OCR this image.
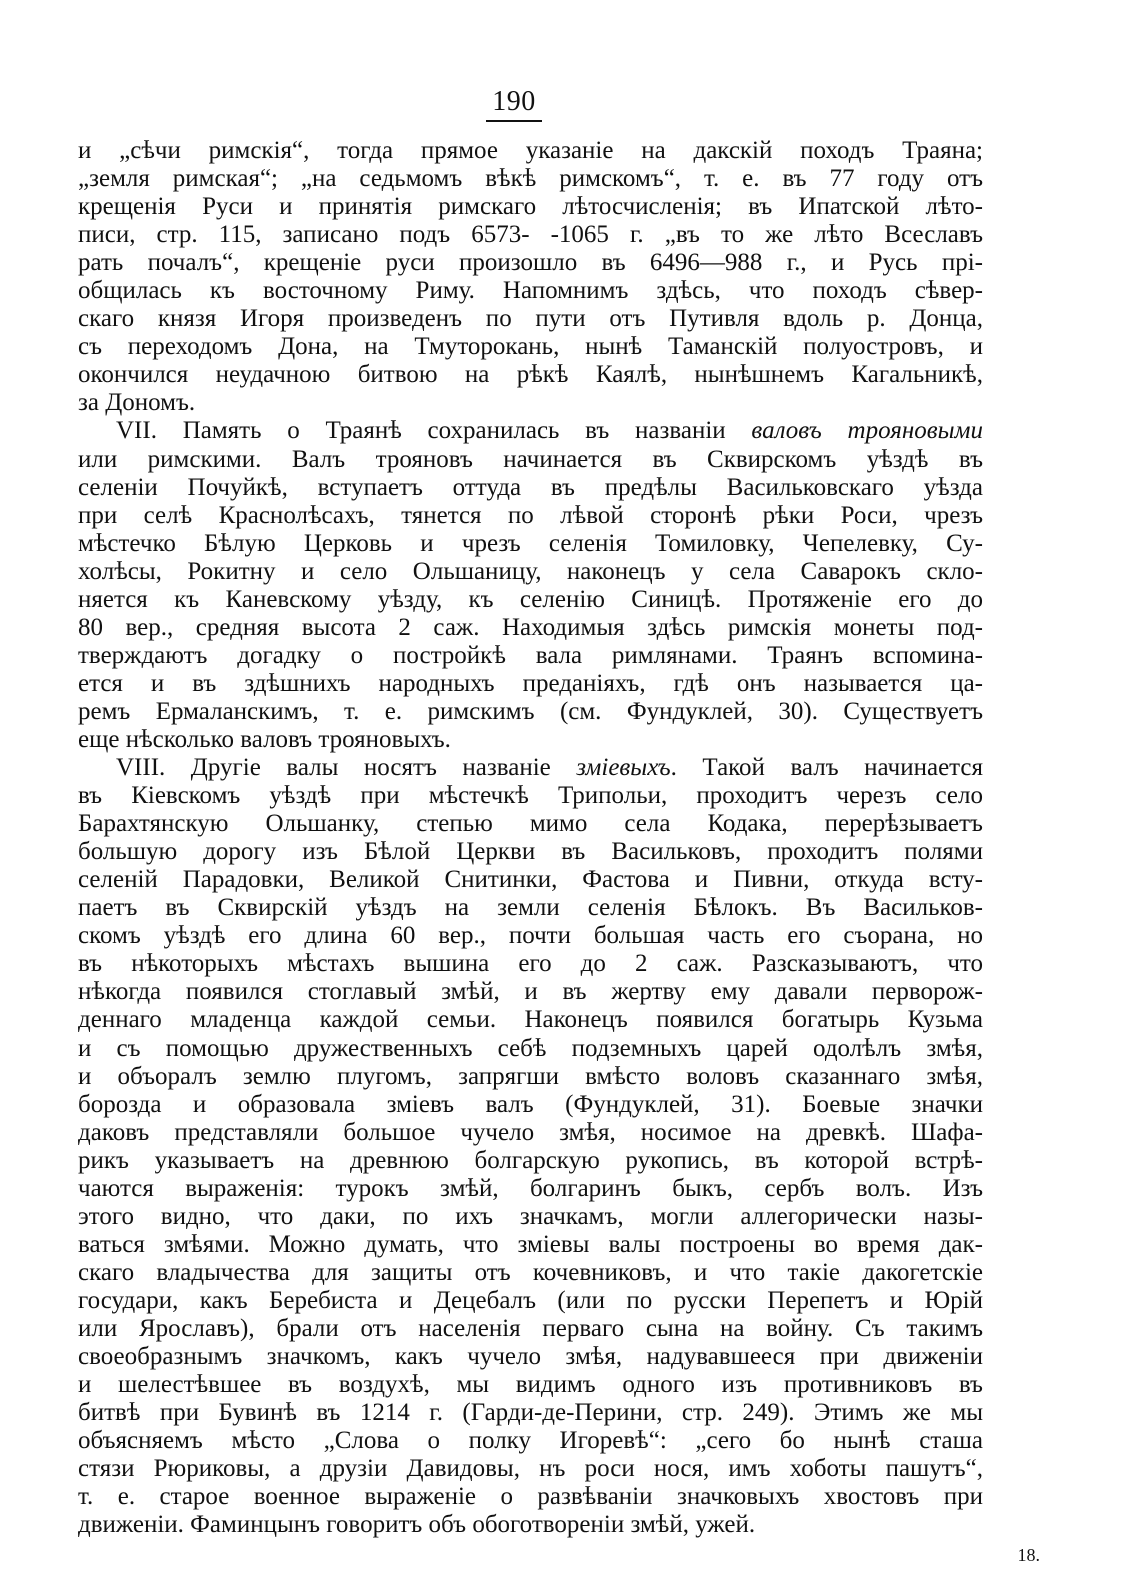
190
и „сѣчи римскія“, тогда прямое указаніе на дакскій походъ Траяна;
„земля римская“; „на седьмомъ вѣкѣ римскомъ“, т. е. въ 77 году отъ
крещенія Руси и принятія римскаго лѣтосчисленія; въ Ипатской лѣто-
писи, стр. 115, записано подъ 6573‑ ‑1065 г. „въ то же лѣто Всеславъ
рать почалъ“, крещеніе руси произошло въ 6496—988 г., и Русь прі-
общилась къ восточному Риму. Напомнимъ здѣсь, что походъ сѣвер-
скаго князя Игоря произведенъ по пути отъ Путивля вдоль р. Донца,
съ переходомъ Дона, на Тмуторокань, нынѣ Таманскій полуостровъ, и
окончился неудачною битвою на рѣкѣ Каялѣ, нынѣшнемъ Кагальникѣ,
за Дономъ.
VII. Память о Траянѣ сохранилась въ названіи валовъ трояновыми
или римскими. Валъ трояновъ начинается въ Сквирскомъ уѣздѣ въ
селеніи Почуйкѣ, вступаетъ оттуда въ предѣлы Васильковскаго уѣзда
при селѣ Краснолѣсахъ, тянется по лѣвой сторонѣ рѣки Роси, чрезъ
мѣстечко Бѣлую Церковь и чрезъ селенія Томиловку, Чепелевку, Су-
холѣсы, Рокитну и село Ольшаницу, наконецъ у села Саварокъ скло-
няется къ Каневскому уѣзду, къ селенію Синицѣ. Протяженіе его до
80 вер., средняя высота 2 саж. Находимыя здѣсь римскія монеты под-
тверждаютъ догадку о постройкѣ вала римлянами. Траянъ вспомина-
ется и въ здѣшнихъ народныхъ преданіяхъ, гдѣ онъ называется ца-
ремъ Ермаланскимъ, т. е. римскимъ (см. Фундуклей, 30). Существуетъ
еще нѣсколько валовъ трояновыхъ.
VIII. Другіе валы носятъ названіе зміевыхъ. Такой валъ начинается
въ Кіевскомъ уѣздѣ при мѣстечкѣ Трипольи, проходитъ черезъ село
Барахтянскую Ольшанку, степью мимо села Кодака, перерѣзываетъ
большую дорогу изъ Бѣлой Церкви въ Васильковъ, проходитъ полями
селеній Парадовки, Великой Снитинки, Фастова и Пивни, откуда всту-
паетъ въ Сквирскій уѣздъ на земли селенія Бѣлокъ. Въ Васильков-
скомъ уѣздѣ его длина 60 вер., почти большая часть его съорана, но
въ нѣкоторыхъ мѣстахъ вышина его до 2 саж. Разсказываютъ, что
нѣкогда появился стоглавый змѣй, и въ жертву ему давали перворож-
деннаго младенца каждой семьи. Наконецъ появился богатырь Кузьма
и съ помощью дружественныхъ себѣ подземныхъ царей одолѣлъ змѣя,
и объоралъ землю плугомъ, запрягши вмѣсто воловъ сказаннаго змѣя,
борозда и образовала зміевъ валъ (Фундуклей, 31). Боевые значки
даковъ представляли большое чучело змѣя, носимое на древкѣ. Шафа-
рикъ указываетъ на древнюю болгарскую рукопись, въ которой встрѣ-
чаются выраженія: турокъ змѣй, болгаринъ быкъ, сербъ волъ. Изъ
этого видно, что даки, по ихъ значкамъ, могли аллегорически назы-
ваться змѣями. Можно думать, что зміевы валы построены во время дак-
скаго владычества для защиты отъ кочевниковъ, и что такіе дакогетскіе
государи, какъ Беребиста и Децебалъ (или по русски Перепетъ и Юрій
или Ярославъ), брали отъ населенія перваго сына на войну. Съ такимъ
своеобразнымъ значкомъ, какъ чучело змѣя, надувавшееся при движеніи
и шелестѣвшее въ воздухѣ, мы видимъ одного изъ противниковъ въ
битвѣ при Бувинѣ въ 1214 г. (Гарди‑де‑Перини, стр. 249). Этимъ же мы
объясняемъ мѣсто „Слова о полку Игоревѣ“: „сего бо нынѣ сташа
стязи Рюриковы, а друзіи Давидовы, нъ роси нося, имъ хоботы пашутъ“,
т. е. старое военное выраженіе о развѣваніи значковыхъ хвостовъ при
движеніи. Фаминцынъ говоритъ объ обоготвореніи змѣй, ужей.
18.
